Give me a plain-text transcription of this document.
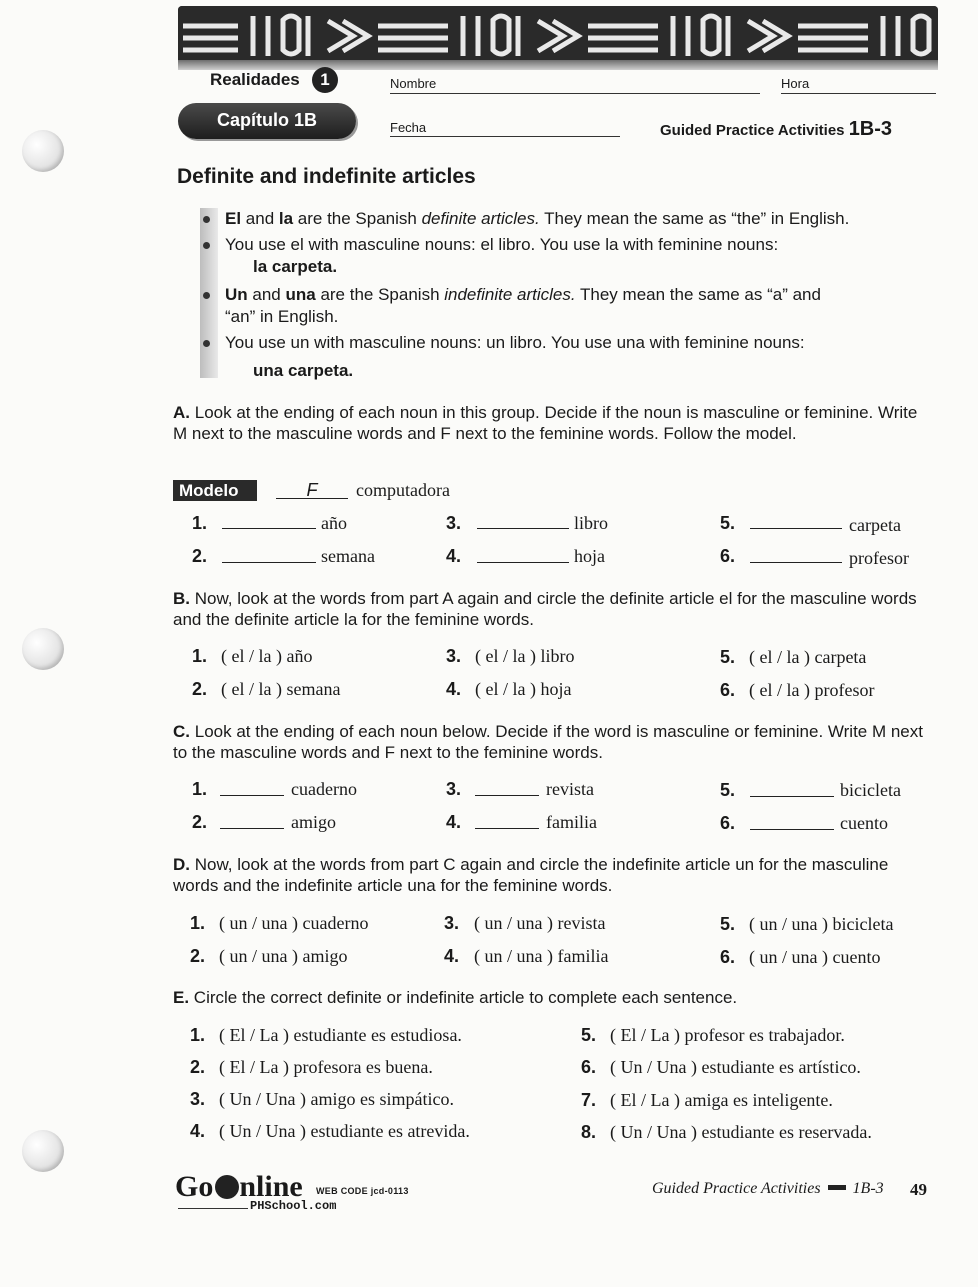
Realidades	1
Capítulo 1B
Nombre	Hora
Fecha	Guided Practice Activities 1B-3
Definite and indefinite articles
El and la are the Spanish definite articles. They mean the same as “the” in English.
You use el with masculine nouns: el libro. You use la with feminine nouns:
la carpeta.
Un and una are the Spanish indefinite articles. They mean the same as “a” and
“an” in English.
You use un with masculine nouns: un libro. You use una with feminine nouns:
una carpeta.
A. Look at the ending of each noun in this group. Decide if the noun is masculine or feminine. Write M next to the masculine words and F next to the feminine words. Follow the model.
Modelo	F	computadora
1.	año	3.	libro	5.	carpeta
2.	semana	4.	hoja	6.	profesor
B. Now, look at the words from part A again and circle the definite article el for the masculine words and the definite article la for the feminine words.
1. ( el / la ) año	3. ( el / la ) libro	5. ( el / la ) carpeta
2. ( el / la ) semana	4. ( el / la ) hoja	6. ( el / la ) profesor
C. Look at the ending of each noun below. Decide if the word is masculine or feminine. Write M next to the masculine words and F next to the feminine words.
1.	cuaderno	3.	revista	5.	bicicleta
2.	amigo	4.	familia	6.	cuento
D. Now, look at the words from part C again and circle the indefinite article un for the masculine words and the indefinite article una for the feminine words.
1. ( un / una ) cuaderno	3. ( un / una ) revista	5. ( un / una ) bicicleta
2. ( un / una ) amigo	4. ( un / una ) familia	6. ( un / una ) cuento
E. Circle the correct definite or indefinite article to complete each sentence.
1. ( El / La ) estudiante es estudiosa.	5. ( El / La ) profesor es trabajador.
2. ( El / La ) profesora es buena.	6. ( Un / Una ) estudiante es artístico.
3. ( Un / Una ) amigo es simpático.	7. ( El / La ) amiga es inteligente.
4. ( Un / Una ) estudiante es atrevida.	8. ( Un / Una ) estudiante es reservada.
Go nline WEB CODE jcd-0113
PHSchool.com
Guided Practice Activities 1B-3 49
